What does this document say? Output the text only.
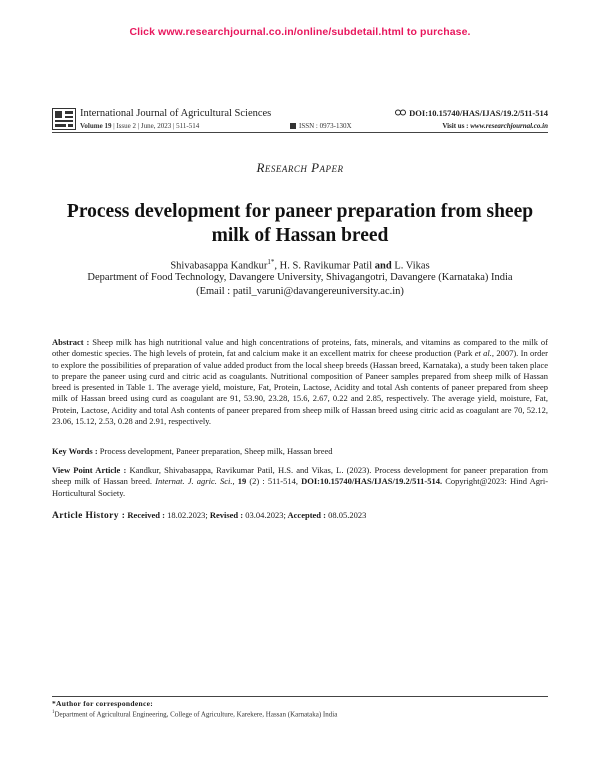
Click www.researchjournal.co.in/online/subdetail.html to purchase.
International Journal of Agricultural Sciences	DOI:10.15740/HAS/IJAS/19.2/511-514
Volume 19 | Issue 2 | June, 2023 | 511-514	ISSN : 0973-130X	Visit us : www.researchjournal.co.in
Research Paper
Process development for paneer preparation from sheep milk of Hassan breed
Shivabasappa Kandkur$^{1*}$, H. S. Ravikumar Patil and L. Vikas
Department of Food Technology, Davangere University, Shivagangotri, Davangere (Karnataka) India
(Email : patil_varuni@davangereuniversity.ac.in)
Abstract : Sheep milk has high nutritional value and high concentrations of proteins, fats, minerals, and vitamins as compared to the milk of other domestic species. The high levels of protein, fat and calcium make it an excellent matrix for cheese production (Park et al., 2007). In order to explore the possibilities of preparation of value added product from the local sheep breeds (Hassan breed, Karnataka), a study been taken place to prepare the paneer using curd and citric acid as coagulants. Nutritional composition of Paneer samples prepared from sheep milk of Hassan breed is presented in Table 1. The average yield, moisture, Fat, Protein, Lactose, Acidity and total Ash contents of paneer prepared from sheep milk of Hassan breed using curd as coagulant are 91, 53.90, 23.28, 15.6, 2.67, 0.22 and 2.85, respectively. The average yield, moisture, Fat, Protein, Lactose, Acidity and total Ash contents of paneer prepared from sheep milk of Hassan breed using citric acid as coagulant are 70, 52.12, 23.06, 15.12, 2.53, 0.28 and 2.91, respectively.
Key Words : Process development, Paneer preparation, Sheep milk, Hassan breed
View Point Article : Kandkur, Shivabasappa, Ravikumar Patil, H.S. and Vikas, L. (2023). Process development for paneer preparation from sheep milk of Hassan breed. Internat. J. agric. Sci., 19 (2) : 511-514, DOI:10.15740/HAS/IJAS/19.2/511-514. Copyright@2023: Hind Agri-Horticultural Society.
Article History : Received : 18.02.2023; Revised : 03.04.2023; Accepted : 08.05.2023
*Author for correspondence:
$^1$Department of Agricultural Engineering, College of Agriculture, Karekere, Hassan (Karnataka) India
